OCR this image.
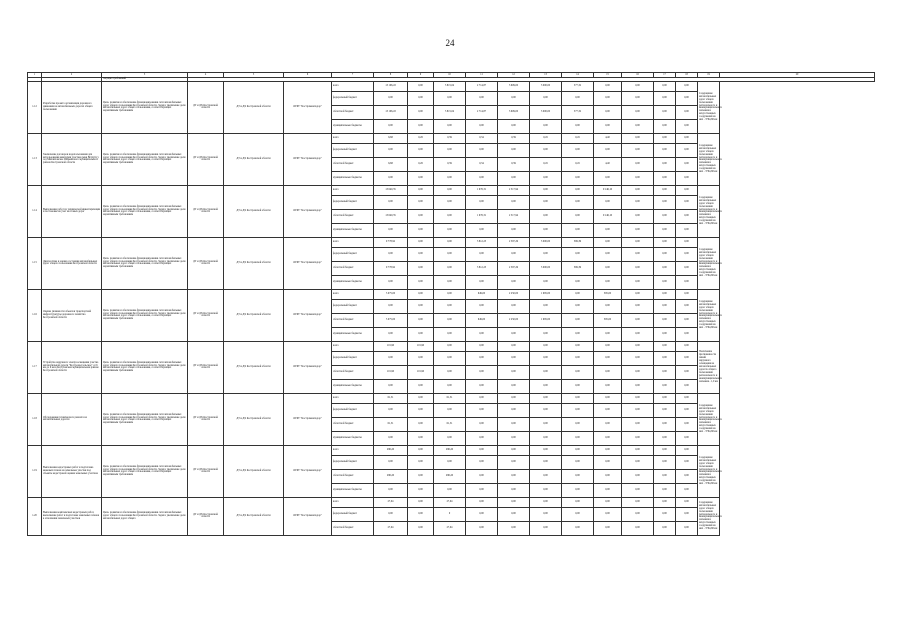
24
1	2	3	4	5	6	7	8	9	10	11	12	13	14	15	16	17	18	19	20
		текущих требований																	
1.12	Разработка проекта организации дорожного движения на автомобильных дорогах общего пользования	Цель: развитие и обеспечение функционирования сети автомобильных дорог общего пользования Костромской области. Задача: увеличение доли автомобильных дорог общего пользования, соответствующих нормативным требованиям	ДТ и ДХ Костромской области	ДТ и ДХ Костромской области	ОГБУ "Костромаавтодор"	всего	13 106,43	0,00	5 815,04	2 714,87	3 609,00	3 000,00	577,32	0,00	0,00	0,00	0,00	Содержание автомобильных дорог общего пользования регионального и межмуниципального значения и искусственных сооружений на них - 3764,68 км	
						федеральный бюджет	0,00	0,00	0,00	0,00	0,00	0,00	0,00	0,00	0,00	0,00	0,00		
						областной бюджет	13 106,43	0,00	5 815,04	2 714,87	3 609,00	3 000,00	577,32	0,00	0,00	0,00	0,00		
						муниципальные бюджеты	0,00	0,00	0,00	0,00	0,00	0,00	0,00	0,00	0,00	0,00	0,00		
1.13	Заключение договоров водопользования для использования акватории участков реки Ветлуги у сел Михайловское Шарьинского муниципального района Костромской области	Цель: развитие и обеспечение функционирования сети автомобильных дорог общего пользования Костромской области. Задача: увеличение доли автомобильных дорог общего пользования, соответствующих нормативным требованиям	ДТ и ДХ Костромской области	ДТ и ДХ Костромской области	ОГБУ "Костромаавтодор"	всего	6,68	0,26	0,39	0,34	0,39	0,45	0,45	4,40	0,00	0,00	0,00	Содержание автомобильных дорог общего пользования регионального и межмуниципального значения и искусственных сооружений на них - 3764,68 км	
						федеральный бюджет	0,00	0,00	0,00	0,00	0,00	0,00	0,00	0,00	0,00	0,00	0,00		
						областной бюджет	6,68	0,26	0,39	0,34	0,39	0,45	0,45	4,40	0,00	0,00	0,00		
						муниципальные бюджеты	0,00	0,00	0,00	0,00	0,00	0,00	0,00	0,00	0,00	0,00	0,00		
1.14	Выполнение работ по технической инвентаризации и постановке на учет мостовых дорог	Цель: развитие и обеспечение функционирования сети автомобильных дорог общего пользования Костромской области. Задача: увеличение доли автомобильных дорог общего пользования, соответствующих нормативным требованиям	ДТ и ДХ Костромской области	ДТ и ДХ Костромской области	ОГБУ "Костромаавтодор"	всего	13 640,35	0,00	0,00	1 976,31	2 517,94	0,00	0,00	9 146,10	0,00	0,00	0,00	Содержание автомобильных дорог общего пользования регионального и межмуниципального значения и искусственных сооружений на них - 3764,68 км	
						федеральный бюджет	0,00	0,00	0,00	0,00	0,00	0,00	0,00	0,00	0,00	0,00	0,00		
						областной бюджет	13 640,35	0,00	0,00	1 976,31	2 517,94	0,00	0,00	9 146,10	0,00	0,00	0,00		
						муниципальные бюджеты	0,00	0,00	0,00	0,00	0,00	0,00	0,00	0,00	0,00	0,00	0,00		
1.15	Диагностика и оценка состояния автомобильных дорог общего пользования Костромской области	Цель: развитие и обеспечение функционирования сети автомобильных дорог общего пользования Костромской области. Задача: увеличение доли автомобильных дорог общего пользования, соответствующих нормативным требованиям	ДТ и ДХ Костромской области	ДТ и ДХ Костромской области	ОГБУ "Костромаавтодор"	всего	9 778,92	0,00	0,00	3 812,23	2 597,29	3 000,00	369,39	0,00	0,00	0,00	0,00	Содержание автомобильных дорог общего пользования регионального и межмуниципального значения и искусственных сооружений на них - 3764,68 км	
						федеральный бюджет	0,00	0,00	0,00	0,00	0,00	0,00	0,00	0,00	0,00	0,00	0,00		
						областной бюджет	9 778,92	0,00	0,00	3 812,23	2 597,29	3 000,00	369,39	0,00	0,00	0,00	0,00		
						муниципальные бюджеты	0,00	0,00	0,00	0,00	0,00	0,00	0,00	0,00	0,00	0,00	0,00		
1.16	Оценка уязвимости объектов транспортной инфраструктуры дорожного хозяйства Костромской области	Цель: развитие и обеспечение функционирования сети автомобильных дорог общего пользования Костромской области. Задача: увеличение доли автомобильных дорог общего пользования, соответствующих нормативным требованиям	ДТ и ДХ Костромской области	ДТ и ДХ Костромской области	ОГБУ "Костромаавтодор"	всего	5 075,00	0,00	0,00	649,00	2 250,00	1 995,00	0,00	395,00	0,00	0,00	0,00	Содержание автомобильных дорог общего пользования регионального и межмуниципального значения и искусственных сооружений на них - 3764,68 км	
						федеральный бюджет	0,00	0,00	0,00	0,00	0,00	0,00	0,00	0,00	0,00	0,00	0,00		
						областной бюджет	5 075,00	0,00	0,00	649,00	2 250,00	1 995,00	0,00	395,00	0,00	0,00	0,00		
						муниципальные бюджеты	0,00	0,00	0,00	0,00	0,00	0,00	0,00	0,00	0,00	0,00	0,00		
1.17	Устройство наружного электроосвещения участка автомобильной дороги "Кострома-Сельское" от 6 км до 9 км в Костромском муниципальном районе Костромской области	Цель: развитие и обеспечение функционирования сети автомобильных дорог общего пользования Костромской области. Задача: увеличение доли автомобильных дорог общего пользования, соответствующих нормативным требованиям	ДТ и ДХ Костромской области	ДТ и ДХ Костромской области	ОГБУ "Костромаавтодор"	всего	101,90	101,90	0,00	0,00	0,00	0,00	0,00	0,00	0,00	0,00	0,00	Увеличение протяженности линий наружного освещения на автомобильных дорогах общего пользования регионального и межмуниципального значения - 1,0 км	
						федеральный бюджет	0,00	0,00	0,00	0,00	0,00	0,00	0,00	0,00	0,00	0,00	0,00		
						областной бюджет	101,90	101,90	0,00	0,00	0,00	0,00	0,00	0,00	0,00	0,00	0,00		
						муниципальные бюджеты	0,00	0,00	0,00	0,00	0,00	0,00	0,00	0,00	0,00	0,00	0,00		
1.18	Обследование технического ремонта на автомобильных дорогах	Цель: развитие и обеспечение функционирования сети автомобильных дорог общего пользования Костромской области. Задача: увеличение доли автомобильных дорог общего пользования, соответствующих нормативным требованиям	ДТ и ДХ Костромской области	ДТ и ДХ Костромской области	ОГБУ "Костромаавтодор"	всего	61,51	0,00	61,51	0,00	0,00	0,00	0,00	0,00	0,00	0,00	0,00	Содержание автомобильных дорог общего пользования регионального и межмуниципального значения и искусственных сооружений на них - 3764,68 км	
						федеральный бюджет	0,00	0,00	0,00	0,00	0,00	0,00	0,00	0,00	0,00	0,00	0,00		
						областной бюджет	61,51	0,00	61,51	0,00	0,00	0,00	0,00	0,00	0,00	0,00	0,00		
						муниципальные бюджеты	0,00	0,00	0,00	0,00	0,00	0,00	0,00	0,00	0,00	0,00	0,00		
1.19	Выполнение кадастровых работ и подготовка межевых планов на земельные участки под объекты кадастровой оценки земельных участков	Цель: развитие и обеспечение функционирования сети автомобильных дорог общего пользования Костромской области. Задача: увеличение доли автомобильных дорог общего пользования, соответствующих нормативным требованиям	ДТ и ДХ Костромской области	ДТ и ДХ Костромской области	ОГБУ "Костромаавтодор"	всего	286,20	0,00	286,20	0,00	0,00	0,00	0,00	0,00	0,00	0,00	0,00	Содержание автомобильных дорог общего пользования регионального и межмуниципального значения и искусственных сооружений на них - 3764,68 км	
						федеральный бюджет	0,00	0,00	0,00	0,00	0,00	0,00	0,00	0,00	0,00	0,00	0,00		
						областной бюджет	286,20	0,00	286,20	0,00	0,00	0,00	0,00	0,00	0,00	0,00	0,00		
						муниципальные бюджеты	0,00	0,00	0,00	0,00	0,00	0,00	0,00	0,00	0,00	0,00	0,00		
1.20	Выполнение комплексных кадастровых работ, выполнение работ и подготовка земельных планов в отношении земельных участков	Цель: развитие и обеспечение функционирования сети автомобильных дорог общего пользования Костромской области. Задача: увеличение доли автомобильных дорог общего	ДТ и ДХ Костромской области	ДТ и ДХ Костромской области	ОГБУ "Костромаавтодор"	всего	27,04	0,00	27,04	0,00	0,00	0,00	0,00	0,00	0,00	0,00	0,00	Содержание автомобильных дорог общего пользования регионального и межмуниципального значения и искусственных сооружений на них - 3764,68 км	
						федеральный бюджет	0,00	0,00	0	0,00	0,00	0,00	0,00	0,00	0,00	0,00	0,00		
						областной бюджет	27,04	0,00	27,04	0,00	0,00	0,00	0,00	0,00	0,00	0,00	0,00		
